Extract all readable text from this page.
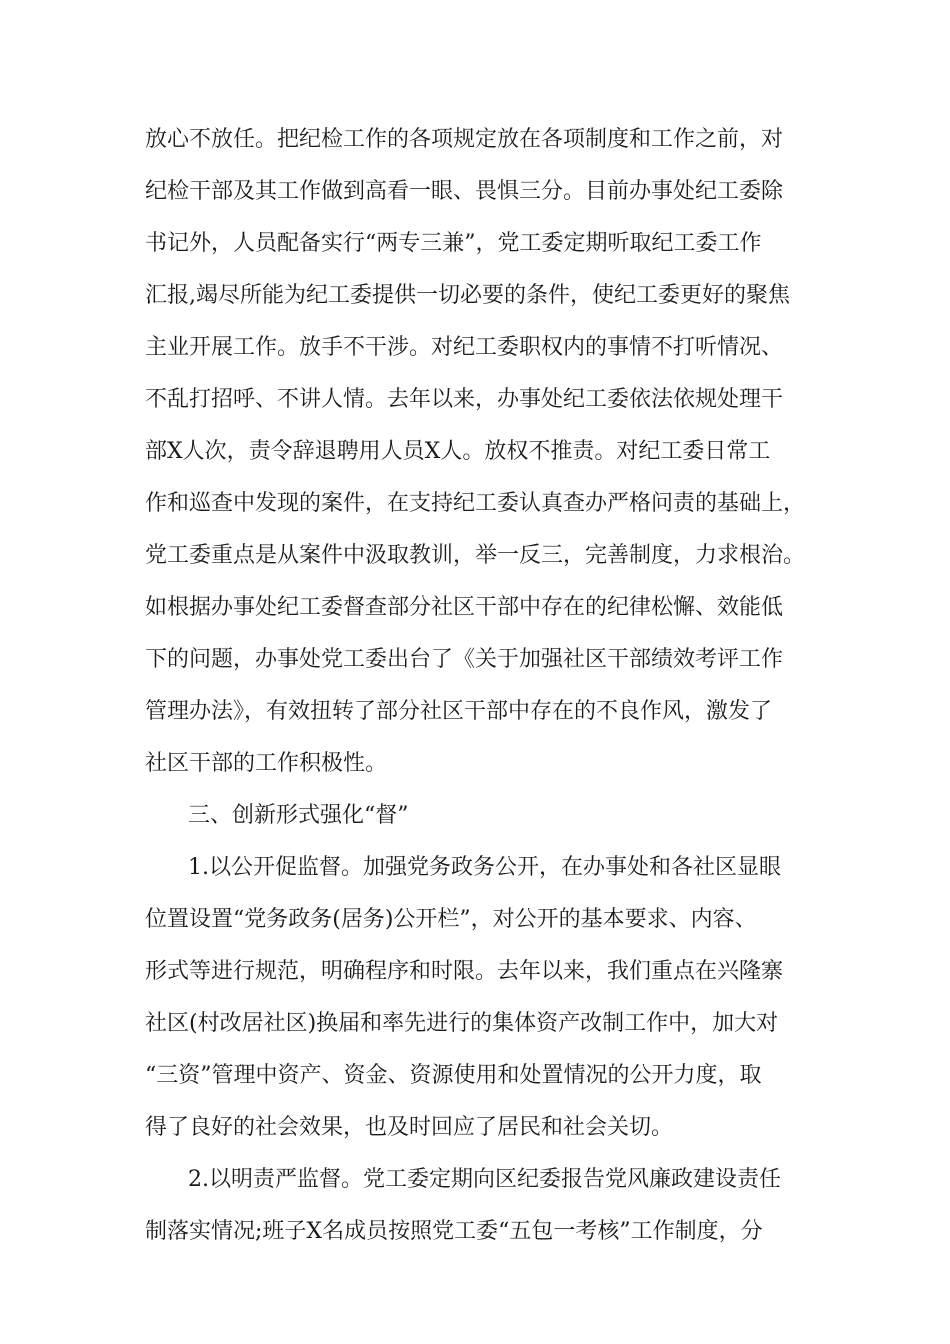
放心不放任。把纪检工作的各项规定放在各项制度和工作之前，对
纪检干部及其工作做到高看一眼、畏惧三分。目前办事处纪工委除
书记外，人员配备实行“两专三兼”，党工委定期听取纪工委工作
汇报,竭尽所能为纪工委提供一切必要的条件，使纪工委更好的聚焦
主业开展工作。放手不干涉。对纪工委职权内的事情不打听情况、
不乱打招呼、不讲人情。去年以来，办事处纪工委依法依规处理干
部X人次，责令辞退聘用人员X人。放权不推责。对纪工委日常工
作和巡查中发现的案件，在支持纪工委认真查办严格问责的基础上，
党工委重点是从案件中汲取教训，举一反三，完善制度，力求根治。
如根据办事处纪工委督查部分社区干部中存在的纪律松懈、效能低
下的问题，办事处党工委出台了《关于加强社区干部绩效考评工作
管理办法》，有效扭转了部分社区干部中存在的不良作风，激发了
社区干部的工作积极性。
三、创新形式强化“督”
1.以公开促监督。加强党务政务公开，在办事处和各社区显眼
位置设置“党务政务(居务)公开栏”，对公开的基本要求、内容、
形式等进行规范，明确程序和时限。去年以来，我们重点在兴隆寨
社区(村改居社区)换届和率先进行的集体资产改制工作中，加大对
“三资”管理中资产、资金、资源使用和处置情况的公开力度，取
得了良好的社会效果，也及时回应了居民和社会关切。
2.以明责严监督。党工委定期向区纪委报告党风廉政建设责任
制落实情况;班子X名成员按照党工委“五包一考核”工作制度，分
